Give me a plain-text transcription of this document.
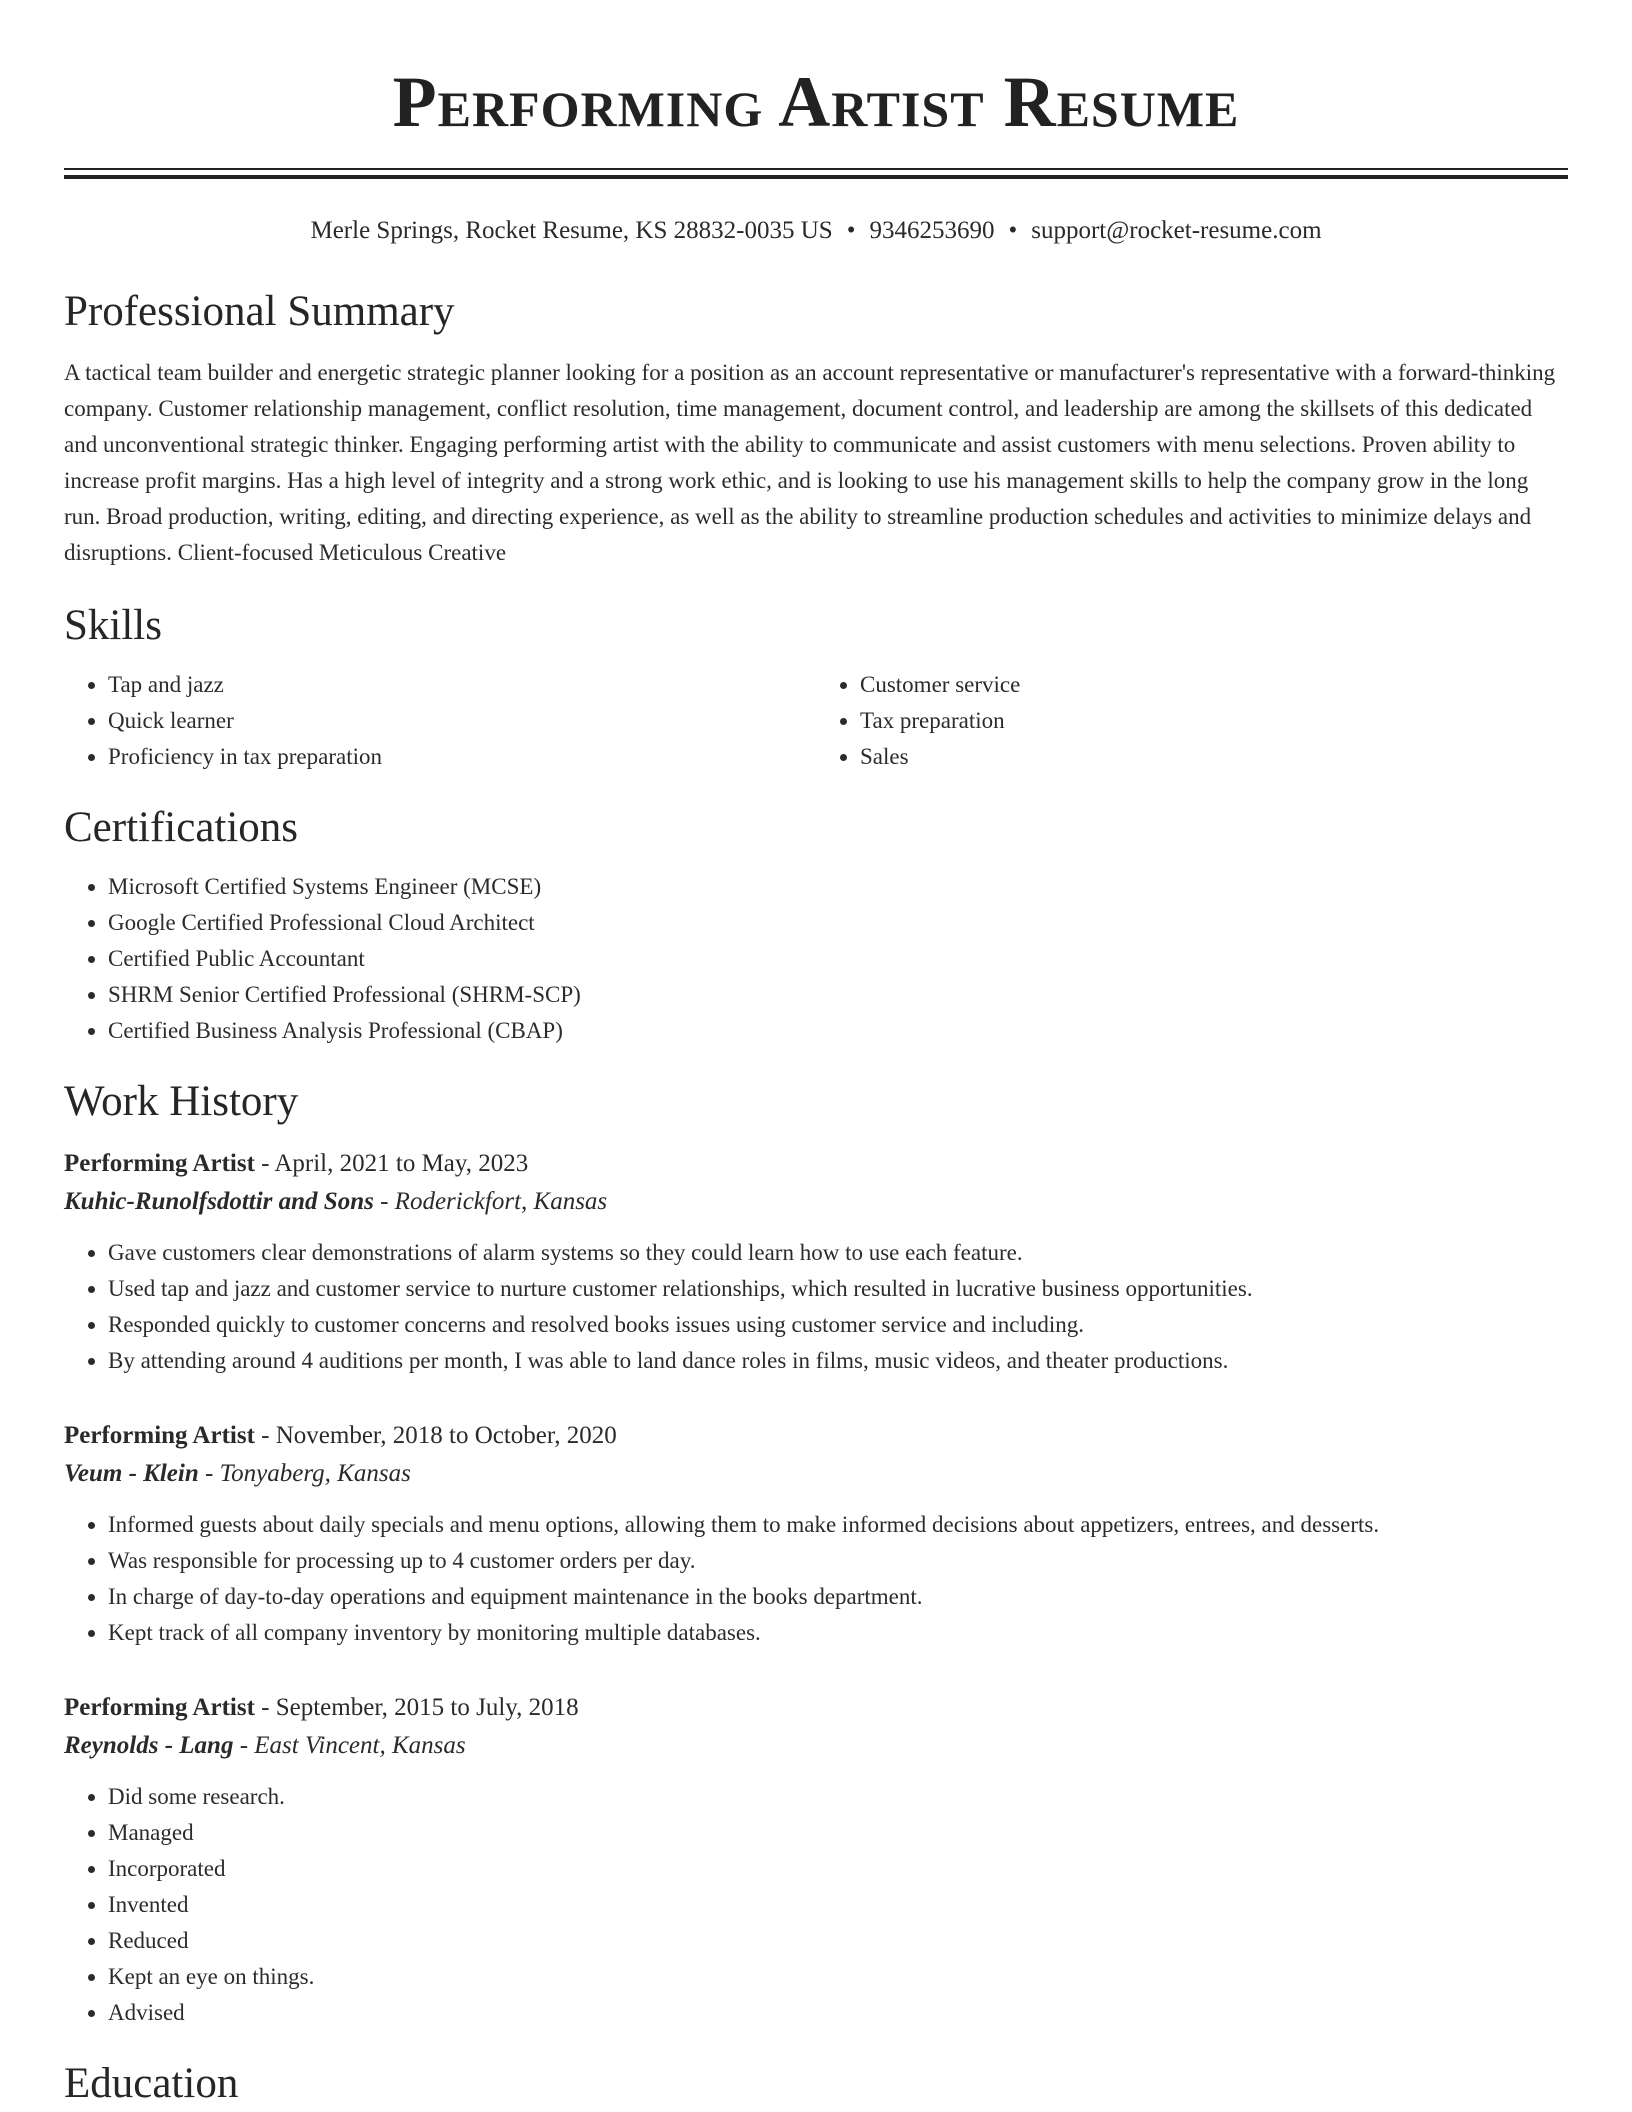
Performing Artist Resume
Merle Springs, Rocket Resume, KS 28832-0035 US • 9346253690 • support@rocket-resume.com
Professional Summary

A tactical team builder and energetic strategic planner looking for a position as an account representative or manufacturer's representative with a forward-thinking company. Customer relationship management, conflict resolution, time management, document control, and leadership are among the skillsets of this dedicated and unconventional strategic thinker. Engaging performing artist with the ability to communicate and assist customers with menu selections. Proven ability to increase profit margins. Has a high level of integrity and a strong work ethic, and is looking to use his management skills to help the company grow in the long run. Broad production, writing, editing, and directing experience, as well as the ability to streamline production schedules and activities to minimize delays and disruptions. Client-focused Meticulous Creative

Skills
• Tap and jazz
• Quick learner
• Proficiency in tax preparation
• Customer service
• Tax preparation
• Sales
Certifications
• Microsoft Certified Systems Engineer (MCSE)
• Google Certified Professional Cloud Architect
• Certified Public Accountant
• SHRM Senior Certified Professional (SHRM-SCP)
• Certified Business Analysis Professional (CBAP)
Work History
Performing Artist - April, 2021 to May, 2023
Kuhic-Runolfsdottir and Sons - Roderickfort, Kansas
• Gave customers clear demonstrations of alarm systems so they could learn how to use each feature.
• Used tap and jazz and customer service to nurture customer relationships, which resulted in lucrative business opportunities.
• Responded quickly to customer concerns and resolved books issues using customer service and including.
• By attending around 4 auditions per month, I was able to land dance roles in films, music videos, and theater productions.
Performing Artist - November, 2018 to October, 2020
Veum - Klein - Tonyaberg, Kansas
• Informed guests about daily specials and menu options, allowing them to make informed decisions about appetizers, entrees, and desserts.
• Was responsible for processing up to 4 customer orders per day.
• In charge of day-to-day operations and equipment maintenance in the books department.
• Kept track of all company inventory by monitoring multiple databases.
Performing Artist - September, 2015 to July, 2018
Reynolds - Lang - East Vincent, Kansas
• Did some research.
• Managed
• Incorporated
• Invented
• Reduced
• Kept an eye on things.
• Advised
Education
